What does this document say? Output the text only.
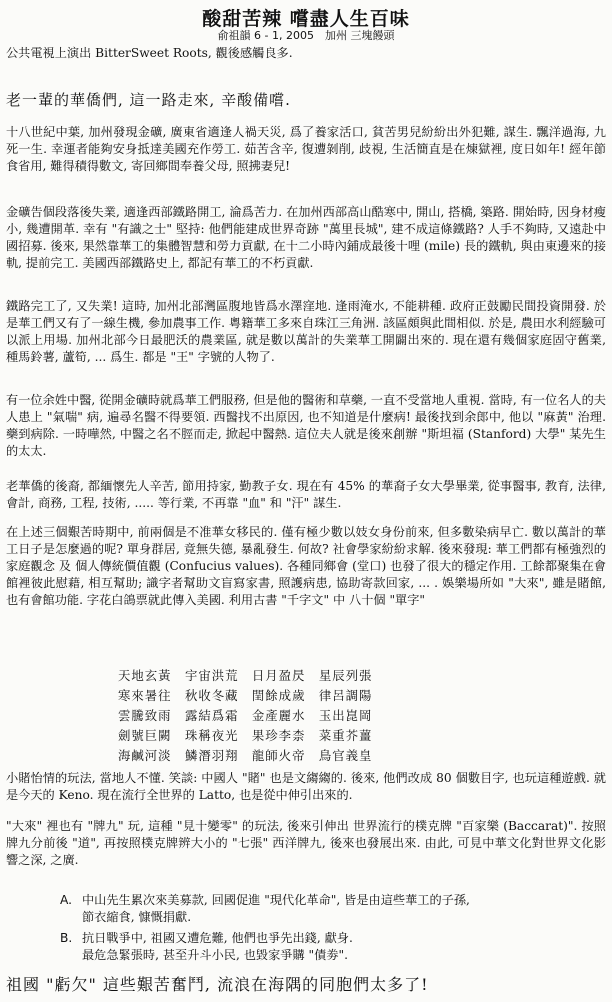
酸甜苦辣 嚐盡人生百味
俞祖韻 6 - 1, 2005　加州 三塊饅頭
公共電視上演出 BitterSweet Roots, 觀後感觸良多.
老一輩的華僑們, 這一路走來, 辛酸備嚐.
十八世紀中葉, 加州發現金礦, 廣東省適逢人禍天災, 爲了養家活口, 貧苦男兒紛紛出外犯難, 謀生. 飄洋過海, 九死一生. 幸運者能夠安身抵達美國充作勞工. 茹苦含辛, 復遭剝削, 歧視, 生活簡直是在煉獄裡, 度日如年! 經年節食省用, 難得積得數文, 寄回鄉間奉養父母, 照拂妻兒!
金礦告個段落後失業, 適逢西部鐵路開工, 淪爲苦力. 在加州西部高山酷寒中, 開山, 搭橋, 築路. 開始時, 因身材瘦小, 幾遭開革. 幸有 "有識之士" 堅持: 他們能建成世界奇跡 "萬里長城", 建不成這條鐵路? 人手不夠時, 又遠赴中國招募. 後來, 果然靠華工的集體智慧和勞力貢獻, 在十二小時內鋪成最後十哩 (mile) 長的鐵軌, 與由東邊來的接軌, 提前完工. 美國西部鐵路史上, 都記有華工的不朽貢獻.
鐵路完工了, 又失業! 這時, 加州北部灣區腹地皆爲水澤窪地. 逢雨淹水, 不能耕種. 政府正鼓勵民間投資開發. 於是華工們又有了一線生機, 參加農事工作. 粵籍華工多來自珠江三角洲. 該區頗與此間相似. 於是, 農田水利經驗可以派上用場. 加州北部今日最肥沃的農業區, 就是數以萬計的失業華工開闢出來的. 現在還有幾個家庭固守舊業, 種馬鈴薯, 蘆筍, ... 爲生. 都是 "王" 字號的人物了.
有一位余姓中醫, 從開金礦時就爲華工們服務, 但是他的醫術和草藥, 一直不受當地人重視. 當時, 有一位名人的夫人患上 "氣喘" 病, 遍尋名醫不得要領. 西醫找不出原因, 也不知道是什麼病! 最後找到余郎中, 他以 "麻黃" 治理. 藥到病除. 一時嘩然, 中醫之名不脛而走, 掀起中醫熱. 這位夫人就是後來創辦 "斯坦福 (Stanford) 大學" 某先生的太太.
老華僑的後裔, 都緬懷先人辛苦, 節用持家, 勤教子女. 現在有 45% 的華裔子女大學畢業, 從事醫事, 教育, 法律, 會計, 商務, 工程, 技術, ..... 等行業, 不再靠 "血" 和 "汗" 謀生.
在上述三個艱苦時期中, 前兩個是不准華女移民的. 僅有極少數以妓女身份前來, 但多數染病早亡. 數以萬計的華工日子是怎麼過的呢? 單身群居, 竟無失德, 暴亂發生. 何故? 社會學家紛紛求解. 後來發現: 華工們都有極強烈的家庭觀念 及 個人傳統價值觀 (Confucius values). 各種同鄉會 (堂口) 也發了很大的穩定作用. 工餘都聚集在會館裡彼此慰藉, 相互幫助; 識字者幫助文盲寫家書, 照護病患, 協助寄款回家, ... . 娛樂場所如 "大來", 雖是賭館, 也有會館功能. 字花白鴿票就此傳入美國. 利用古書 "千字文" 中 八十個 "單字"
天地玄黃　宇宙洪荒　日月盈昃　星辰列張
寒來暑往　秋收冬藏　閏餘成歲　律呂調陽
雲騰致雨　露結爲霜　金產麗水　玉出崑岡
劍號巨闕　珠稱夜光　果珍李柰　菜重芥薑
海鹹河淡　鱗潛羽翔　龍師火帝　鳥官義皇
小賭怡情的玩法, 當地人不懂. 笑談: 中國人 "賭" 也是文縐縐的. 後來, 他們改成 80 個數目字, 也玩這種遊戲. 就是今天的 Keno. 現在流行全世界的 Latto, 也是從中伸引出來的.
"大來" 裡也有 "牌九" 玩, 這種 "見十變零" 的玩法, 後來引伸出 世界流行的樸克牌 "百家樂 (Baccarat)". 按照牌九分前後 "道", 再按照樸克牌辨大小的 "七張" 西洋牌九, 後來也發展出來. 由此, 可見中華文化對世界文化影響之深, 之廣.
A. 中山先生累次來美募款, 回國促進 "現代化革命", 皆是由這些華工的子孫,
節衣縮食, 慷慨捐獻.
B. 抗日戰爭中, 祖國又遭危難, 他們也爭先出錢, 獻身.
最危急緊張時, 甚至升斗小民, 也毀家爭購 "債劵".
祖國 "虧欠" 這些艱苦奮鬥, 流浪在海隅的同胞們太多了!
